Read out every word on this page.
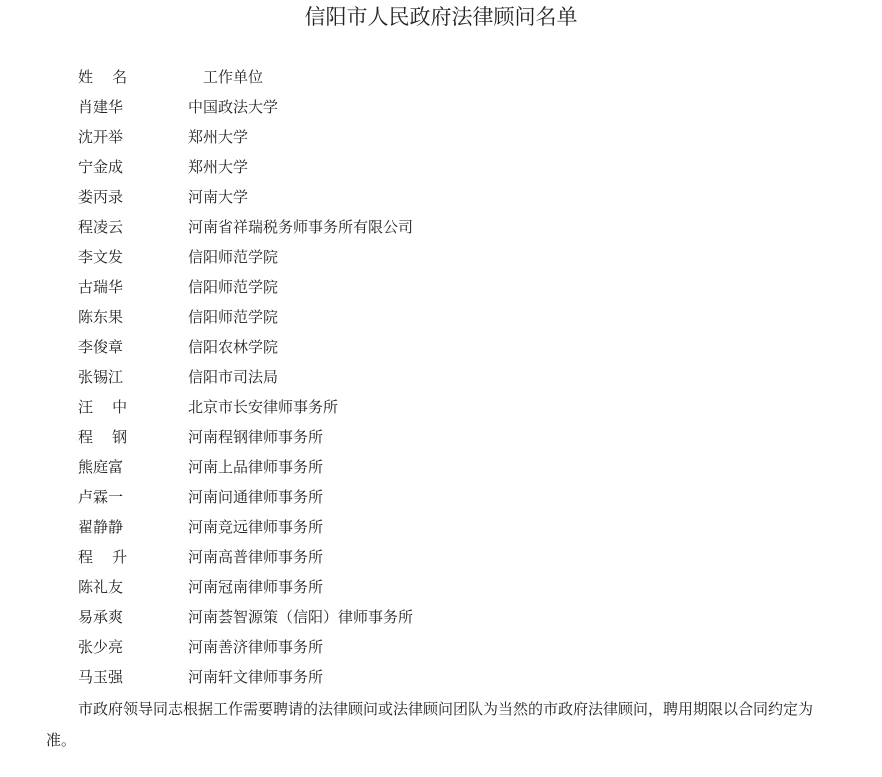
信阳市人民政府法律顾问名单
姓    名	工作单位
肖建华	中国政法大学
沈开举	郑州大学
宁金成	郑州大学
娄丙录	河南大学
程凌云	河南省祥瑞税务师事务所有限公司
李文发	信阳师范学院
古瑞华	信阳师范学院
陈东果	信阳师范学院
李俊章	信阳农林学院
张锡江	信阳市司法局
汪    中	北京市长安律师事务所
程    钢	河南程钢律师事务所
熊庭富	河南上品律师事务所
卢霖一	河南问通律师事务所
翟静静	河南竞远律师事务所
程    升	河南高普律师事务所
陈礼友	河南冠南律师事务所
易承爽	河南荟智源策（信阳）律师事务所
张少亮	河南善济律师事务所
马玉强	河南轩文律师事务所

市政府领导同志根据工作需要聘请的法律顾问或法律顾问团队为当然的市政府法律顾问，聘用期限以合同约定为准。
